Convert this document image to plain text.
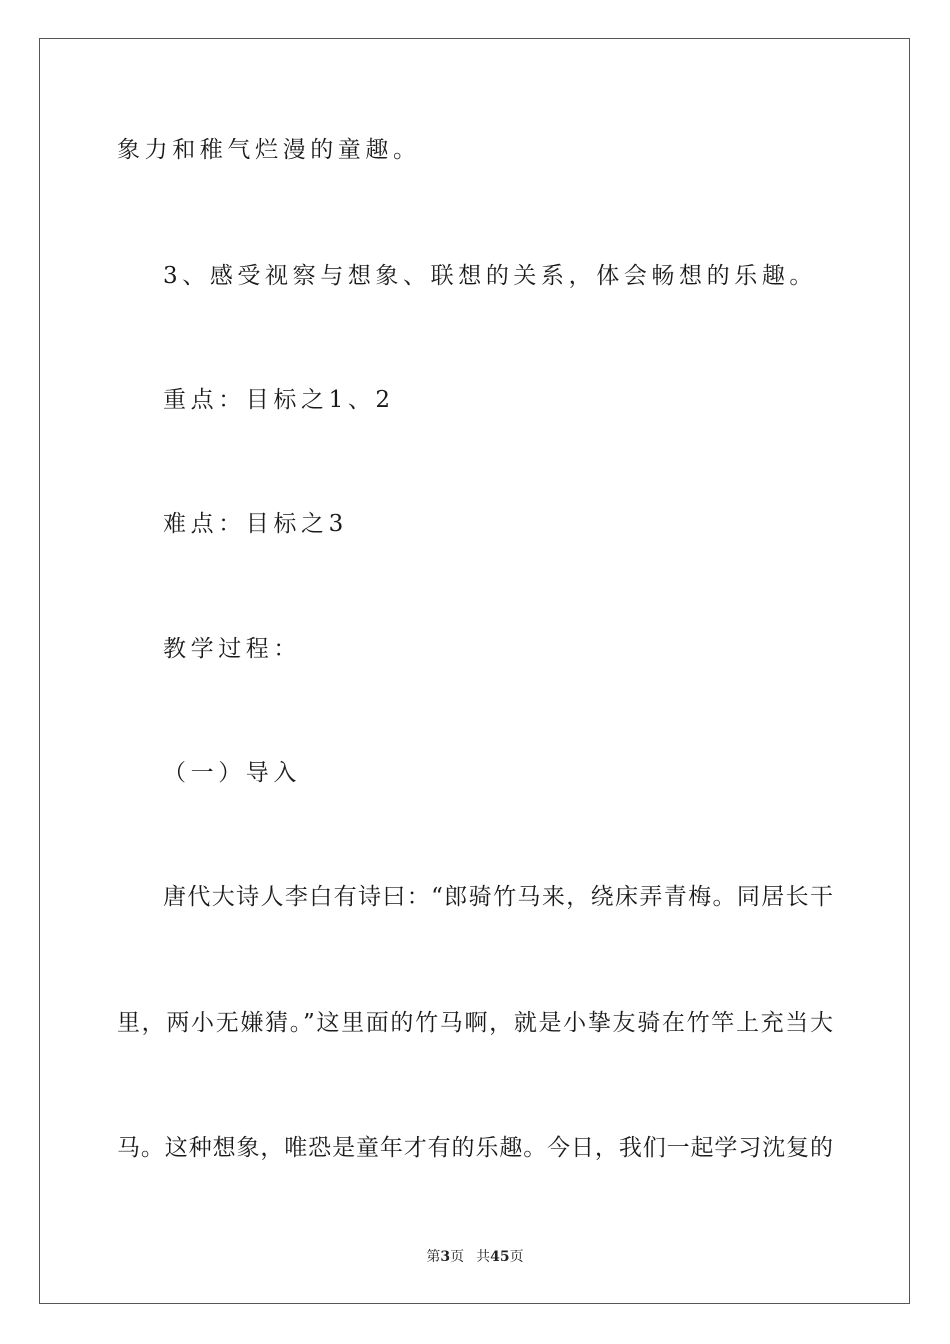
象力和稚气烂漫的童趣。
3、感受视察与想象、联想的关系，体会畅想的乐趣。
重点：目标之1、2
难点：目标之3
教学过程：
（一）导入
唐代大诗人李白有诗曰：“郎骑竹马来，绕床弄青梅。同居长干
里，两小无嫌猜。”这里面的竹马啊，就是小挚友骑在竹竿上充当大
马。这种想象，唯恐是童年才有的乐趣。今日，我们一起学习沈复的
第3页 共45页
